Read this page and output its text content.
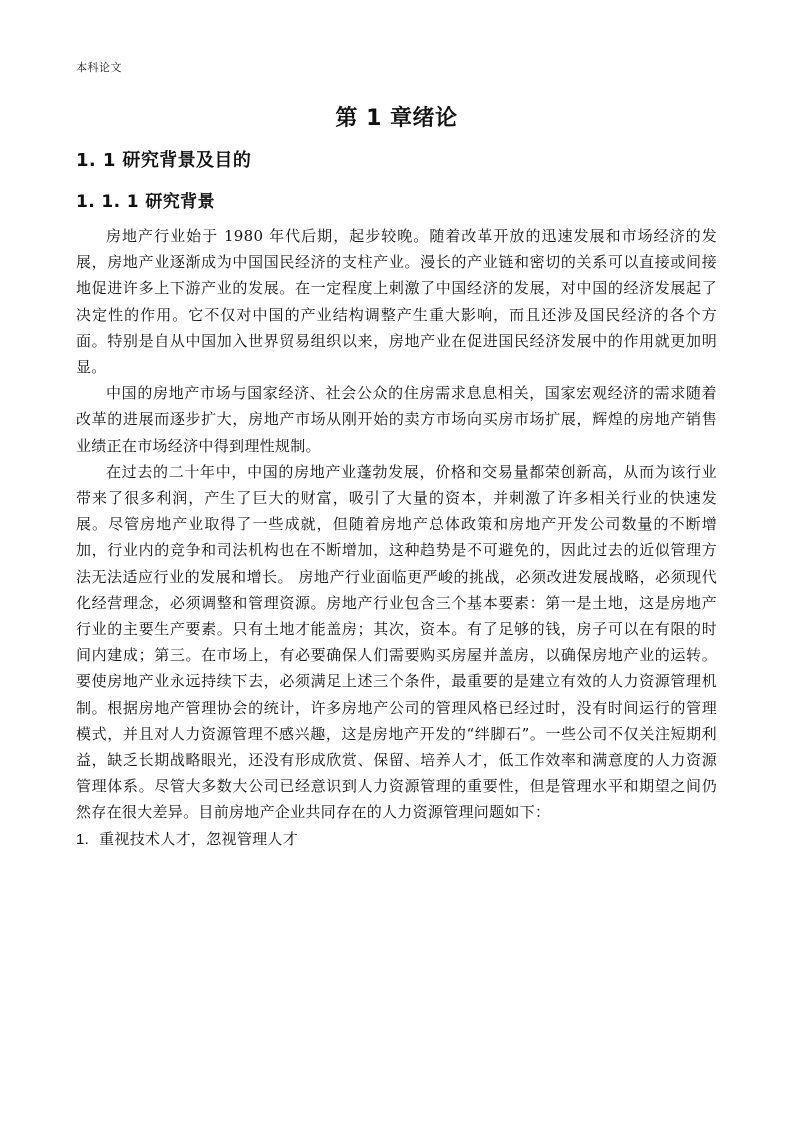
本科论文
第 1 章绪论
1. 1 研究背景及目的
1. 1. 1 研究背景

房地产行业始于 1980 年代后期，起步较晚。随着改革开放的迅速发展和市场经济的发展，房地产业逐渐成为中国国民经济的支柱产业。漫长的产业链和密切的关系可以直接或间接地促进许多上下游产业的发展。在一定程度上刺激了中国经济的发展，对中国的经济发展起了决定性的作用。它不仅对中国的产业结构调整产生重大影响，而且还涉及国民经济的各个方面。特别是自从中国加入世界贸易组织以来，房地产业在促进国民经济发展中的作用就更加明显。

中国的房地产市场与国家经济、社会公众的住房需求息息相关，国家宏观经济的需求随着改革的进展而逐步扩大，房地产市场从刚开始的卖方市场向买房市场扩展，辉煌的房地产销售业绩正在市场经济中得到理性规制。

在过去的二十年中，中国的房地产业蓬勃发展，价格和交易量都荣创新高，从而为该行业带来了很多利润，产生了巨大的财富，吸引了大量的资本，并刺激了许多相关行业的快速发展。尽管房地产业取得了一些成就，但随着房地产总体政策和房地产开发公司数量的不断增加，行业内的竞争和司法机构也在不断增加，这种趋势是不可避免的，因此过去的近似管理方法无法适应行业的发展和增长。 房地产行业面临更严峻的挑战，必须改进发展战略，必须现代化经营理念，必须调整和管理资源。房地产行业包含三个基本要素：第一是土地，这是房地产行业的主要生产要素。只有土地才能盖房；其次，资本。有了足够的钱，房子可以在有限的时间内建成；第三。在市场上，有必要确保人们需要购买房屋并盖房，以确保房地产业的运转。要使房地产业永远持续下去，必须满足上述三个条件，最重要的是建立有效的人力资源管理机制。根据房地产管理协会的统计，许多房地产公司的管理风格已经过时，没有时间运行的管理模式，并且对人力资源管理不感兴趣，这是房地产开发的“绊脚石”。一些公司不仅关注短期利益，缺乏长期战略眼光，还没有形成欣赏、保留、培养人才，低工作效率和满意度的人力资源管理体系。尽管大多数大公司已经意识到人力资源管理的重要性，但是管理水平和期望之间仍然存在很大差异。目前房地产企业共同存在的人力资源管理问题如下：

1. 重视技术人才，忽视管理人才
